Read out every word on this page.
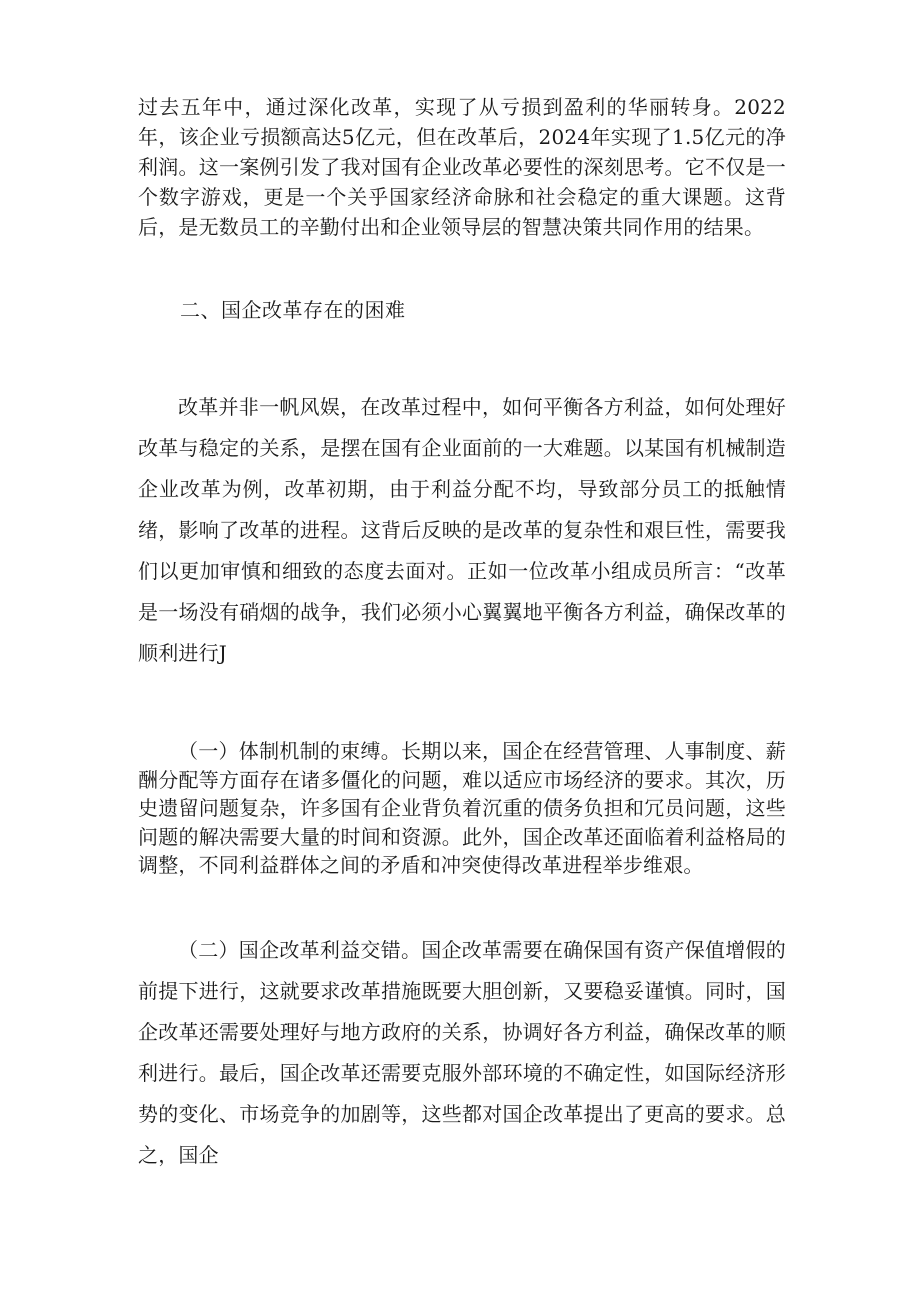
过去五年中，通过深化改革，实现了从亏损到盈利的华丽转身。2022年，该企业亏损额高达5亿元，但在改革后，2024年实现了1.5亿元的净利润。这一案例引发了我对国有企业改革必要性的深刻思考。它不仅是一个数字游戏，更是一个关乎国家经济命脉和社会稳定的重大课题。这背后，是无数员工的辛勤付出和企业领导层的智慧决策共同作用的结果。

二、国企改革存在的困难

改革并非一帆风娱，在改革过程中，如何平衡各方利益，如何处理好改革与稳定的关系，是摆在国有企业面前的一大难题。以某国有机械制造企业改革为例，改革初期，由于利益分配不均，导致部分员工的抵触情绪，影响了改革的进程。这背后反映的是改革的复杂性和艰巨性，需要我们以更加审慎和细致的态度去面对。正如一位改革小组成员所言：“改革是一场没有硝烟的战争，我们必须小心翼翼地平衡各方利益，确保改革的顺利进行J

（一）体制机制的束缚。长期以来，国企在经营管理、人事制度、薪酬分配等方面存在诸多僵化的问题，难以适应市场经济的要求。其次，历史遗留问题复杂，许多国有企业背负着沉重的债务负担和冗员问题，这些问题的解决需要大量的时间和资源。此外，国企改革还面临着利益格局的调整，不同利益群体之间的矛盾和冲突使得改革进程举步维艰。

（二）国企改革利益交错。国企改革需要在确保国有资产保值增假的前提下进行，这就要求改革措施既要大胆创新，又要稳妥谨慎。同时，国企改革还需要处理好与地方政府的关系，协调好各方利益，确保改革的顺利进行。最后，国企改革还需要克服外部环境的不确定性，如国际经济形势的变化、市场竞争的加剧等，这些都对国企改革提出了更高的要求。总之，国企
